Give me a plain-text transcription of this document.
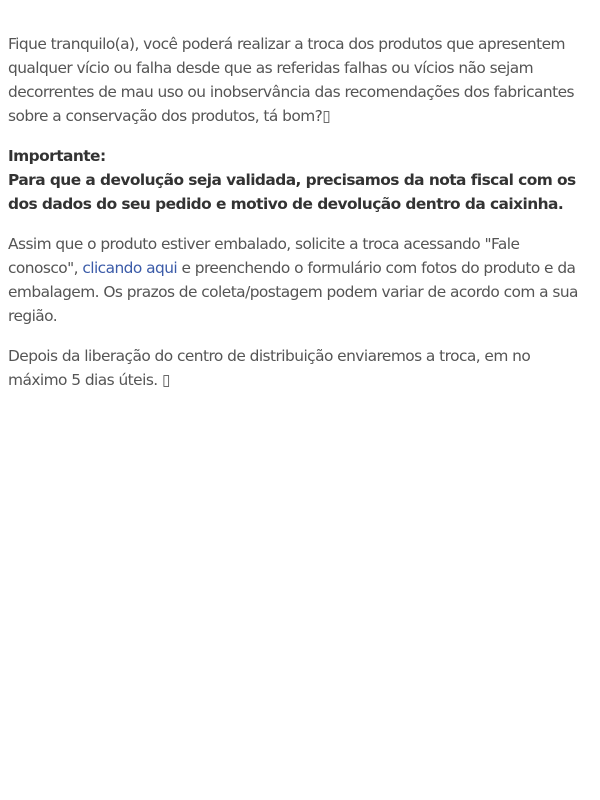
Fique tranquilo(a), você poderá realizar a troca dos produtos que apresentem qualquer vício ou falha desde que as referidas falhas ou vícios não sejam decorrentes de mau uso ou inobservância das recomendações dos fabricantes sobre a conservação dos produtos, tá bom?▯

Importante:
Para que a devolução seja validada, precisamos da nota fiscal com os dos dados do seu pedido e motivo de devolução dentro da caixinha.

Assim que o produto estiver embalado, solicite a troca acessando "Fale conosco", clicando aqui e preenchendo o formulário com fotos do produto e da embalagem. Os prazos de coleta/postagem podem variar de acordo com a sua região.

Depois da liberação do centro de distribuição enviaremos a troca, em no máximo 5 dias úteis. ▯
